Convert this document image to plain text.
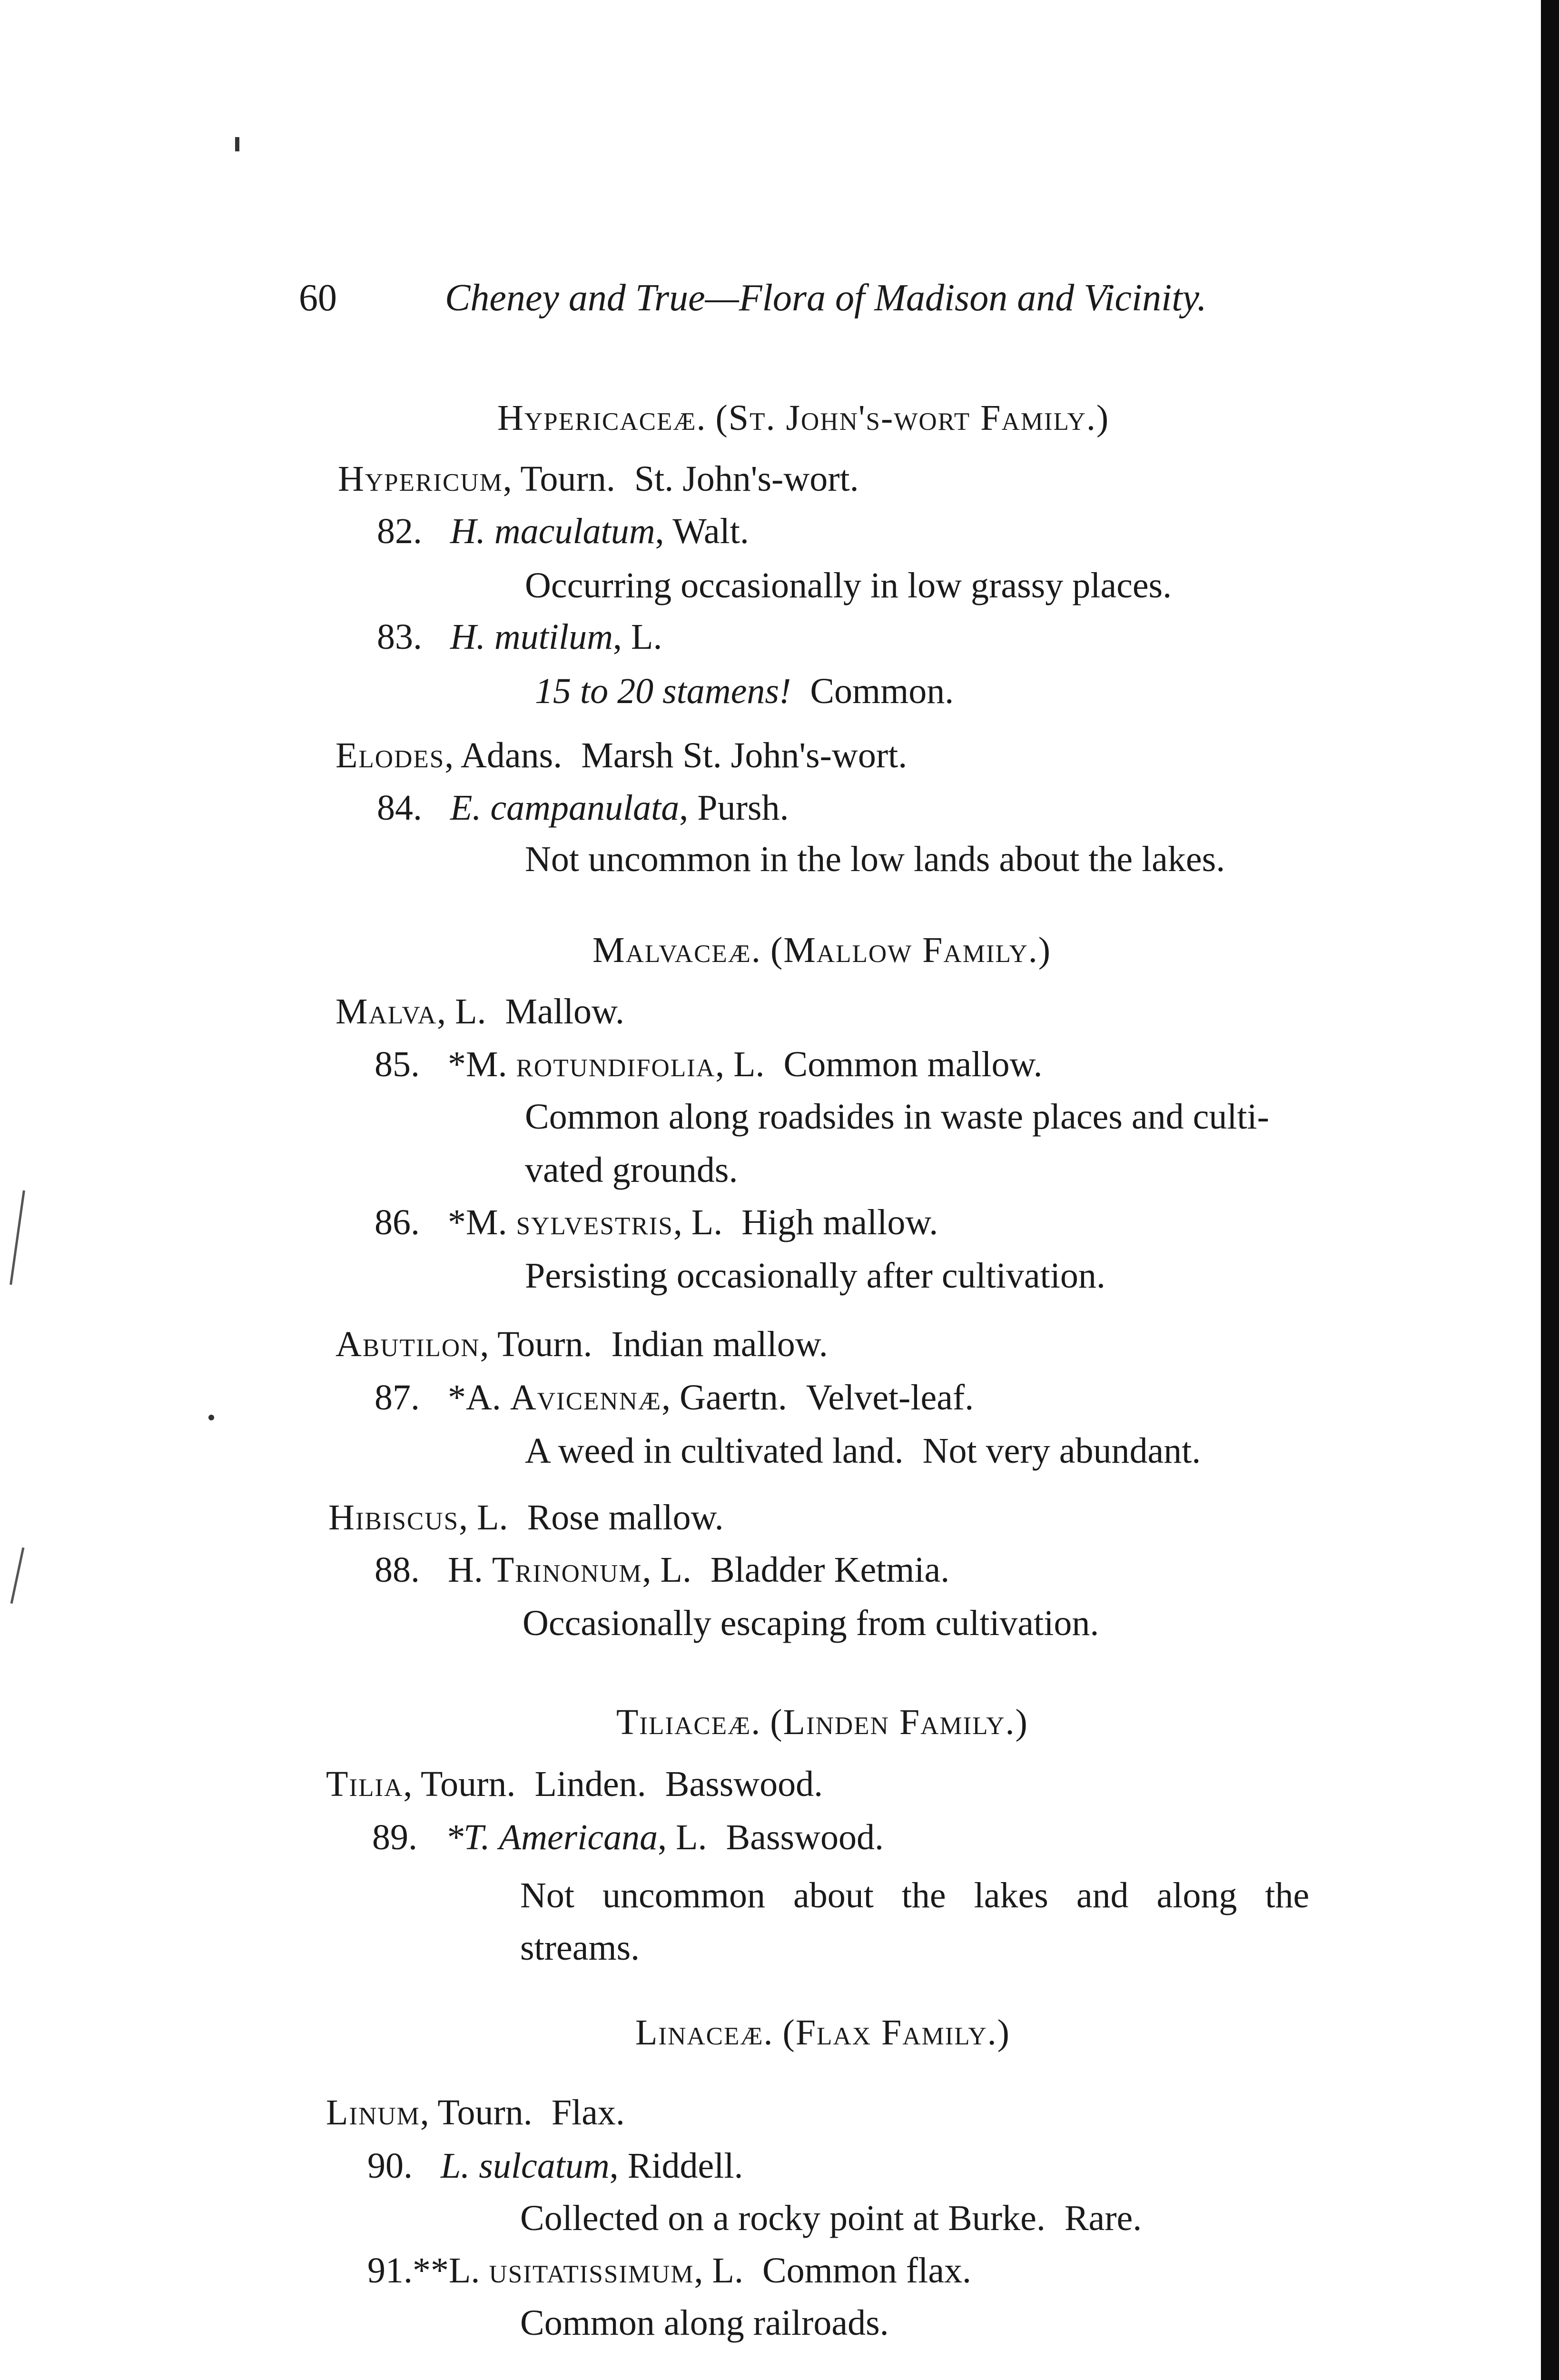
60	Cheney and True—Flora of Madison and Vicinity.
Hypericaceæ. (St. John's-wort Family.)
Hypericum, Tourn. St. John's-wort.
82. H. maculatum, Walt.
Occurring occasionally in low grassy places.
83. H. mutilum, L.
15 to 20 stamens! Common.
Elodes, Adans. Marsh St. John's-wort.
84. E. campanulata, Pursh.
Not uncommon in the low lands about the lakes.
Malvaceæ. (Mallow Family.)
Malva, L. Mallow.
85. *M. rotundifolia, L. Common mallow.
Common along roadsides in waste places and culti-
vated grounds.
86. *M. sylvestris, L. High mallow.
Persisting occasionally after cultivation.
Abutilon, Tourn. Indian mallow.
87. *A. Avicennæ, Gaertn. Velvet-leaf.
A weed in cultivated land. Not very abundant.
Hibiscus, L. Rose mallow.
88. H. Trinonum, L. Bladder Ketmia.
Occasionally escaping from cultivation.
Tiliaceæ. (Linden Family.)
Tilia, Tourn. Linden. Basswood.
89. *T. Americana, L. Basswood.
Not uncommon about the lakes and along the
streams.
Linaceæ. (Flax Family.)
Linum, Tourn. Flax.
90. L. sulcatum, Riddell.
Collected on a rocky point at Burke. Rare.
91.**L. usitatissimum, L. Common flax.
Common along railroads.
